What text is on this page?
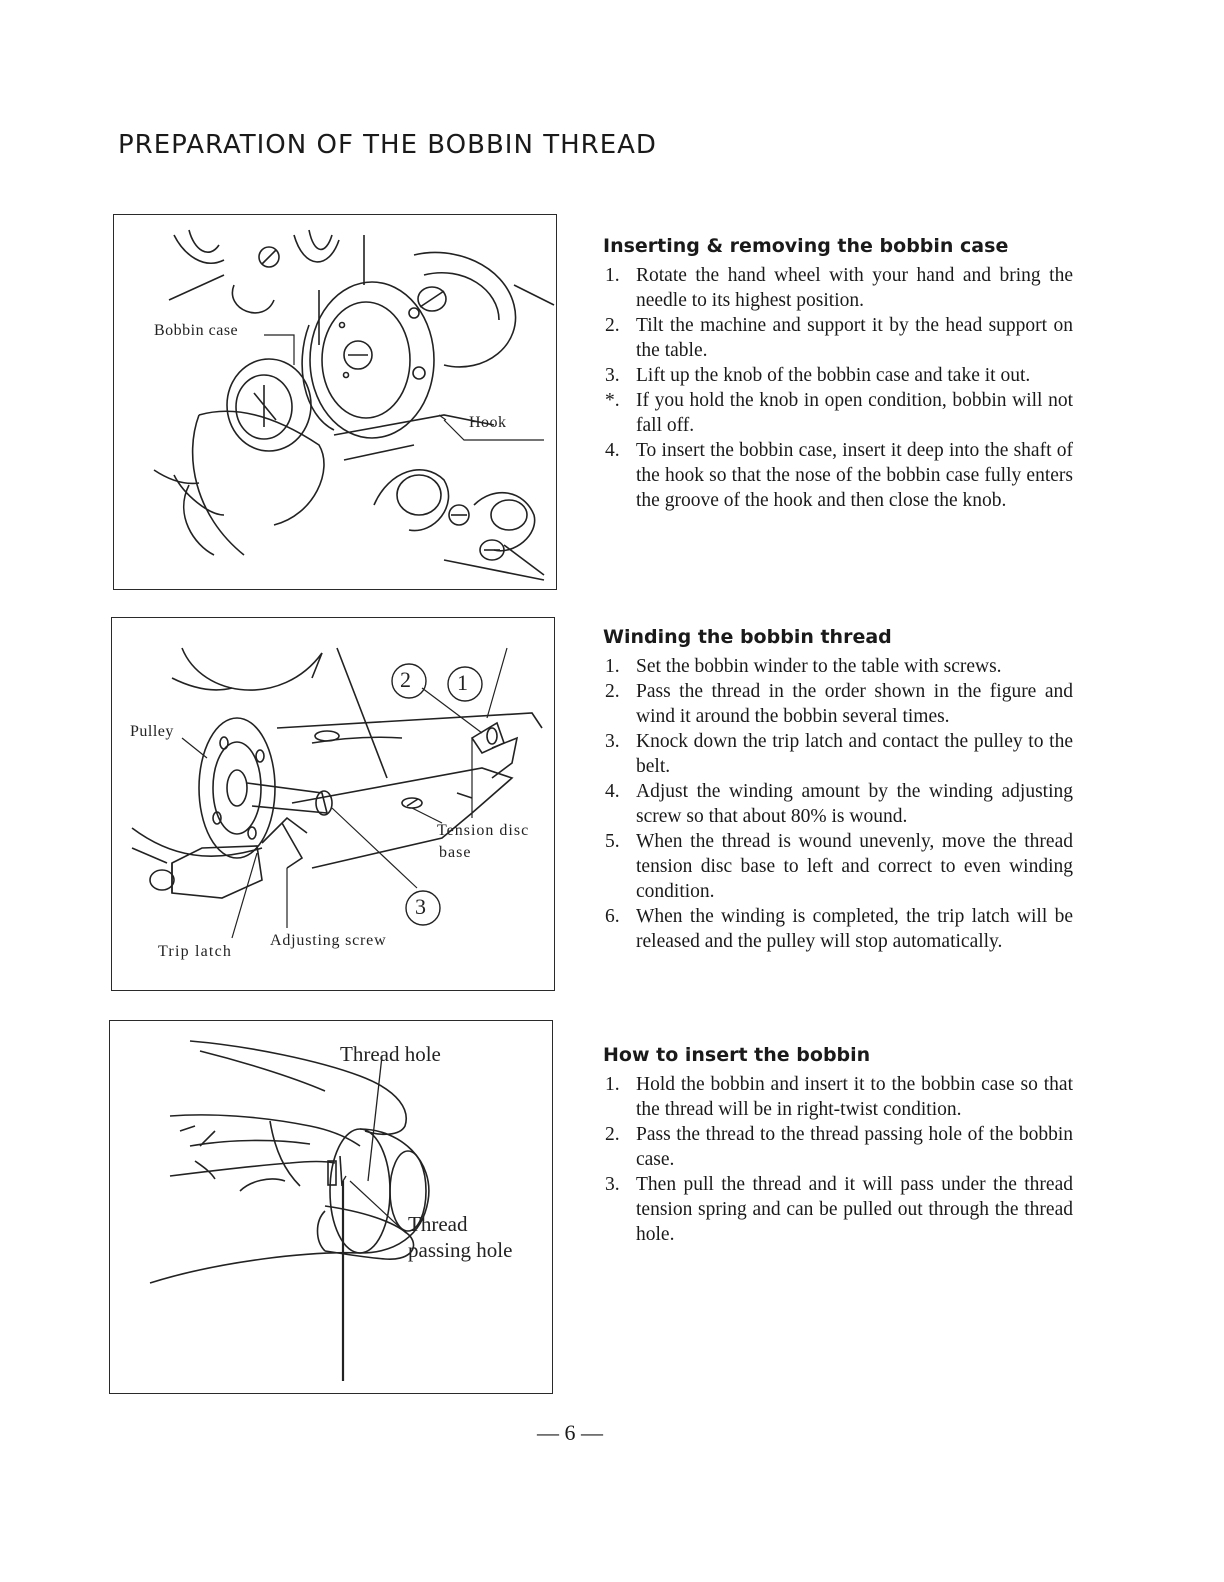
PREPARATION OF THE BOBBIN THREAD
Bobbin case
Hook
2 1
3
Pulley
Tension disc
base
Adjusting screw
Trip latch
Thread hole
Thread
passing hole
Inserting & removing the bobbin case
1. Rotate the hand wheel with your hand and bring the needle to its highest position.
2. Tilt the machine and support it by the head support on the table.
3. Lift up the knob of the bobbin case and take it out.
*. If you hold the knob in open condition, bobbin will not fall off.
4. To insert the bobbin case, insert it deep into the shaft of the hook so that the nose of the bobbin case fully enters the groove of the hook and then close the knob.
Winding the bobbin thread
1. Set the bobbin winder to the table with screws.
2. Pass the thread in the order shown in the figure and wind it around the bobbin several times.
3. Knock down the trip latch and contact the pulley to the belt.
4. Adjust the winding amount by the winding adjusting screw so that about 80% is wound.
5. When the thread is wound unevenly, move the thread tension disc base to left and correct to even winding condition.
6. When the winding is completed, the trip latch will be released and the pulley will stop automatically.
How to insert the bobbin
1. Hold the bobbin and insert it to the bobbin case so that the thread will be in right-twist condition.
2. Pass the thread to the thread passing hole of the bobbin case.
3. Then pull the thread and it will pass under the thread tension spring and can be pulled out through the thread hole.
— 6 —
